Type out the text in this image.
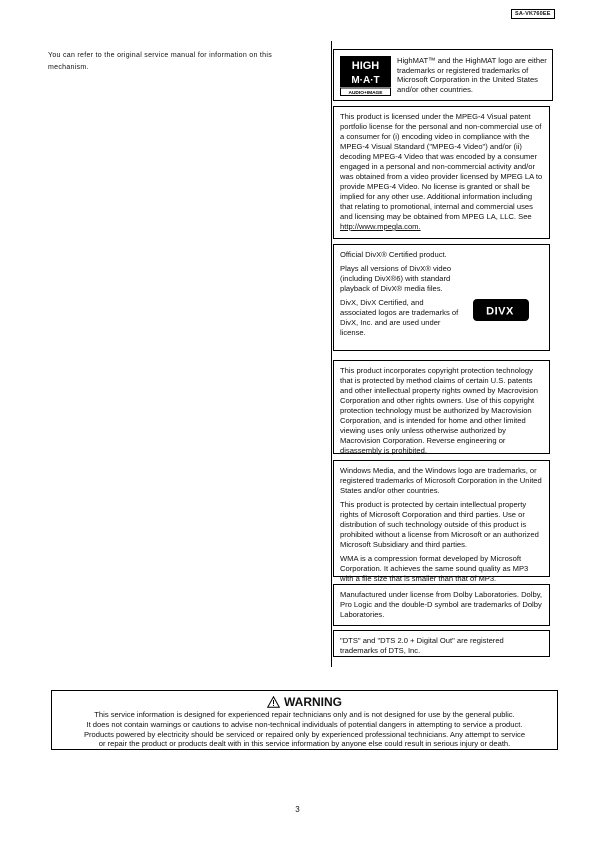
SA-VK760EE
You can refer to the original service manual for information on this mechanism.	HIGH
M·A·T
AUDIO+IMAGE
HighMAT™ and the HighMAT logo are either trademarks or registered trademarks of Microsoft Corporation in the United States and/or other countries.

This product is licensed under the MPEG-4 Visual patent portfolio license for the personal and non-commercial use of a consumer for (i) encoding video in compliance with the MPEG-4 Visual Standard ("MPEG-4 Video") and/or (ii) decoding MPEG-4 Video that was encoded by a consumer engaged in a personal and non-commercial activity and/or was obtained from a video provider licensed by MPEG LA to provide MPEG-4 Video. No license is granted or shall be implied for any other use. Additional information including that relating to promotional, internal and commercial uses and licensing may be obtained from MPEG LA, LLC. See http://www.mpegla.com.

Official DivX® Certified product.

Plays all versions of DivX® video (including DivX®6) with standard playback of DivX® media files.

DivX, DivX Certified, and associated logos are trademarks of DivX, Inc. and are used under license.

DIVX

This product incorporates copyright protection technology that is protected by method claims of certain U.S. patents and other intellectual property rights owned by Macrovision Corporation and other rights owners. Use of this copyright protection technology must be authorized by Macrovision Corporation, and is intended for home and other limited viewing uses only unless otherwise authorized by Macrovision Corporation. Reverse engineering or disassembly is prohibited.

Windows Media, and the Windows logo are trademarks, or registered trademarks of Microsoft Corporation in the United States and/or other countries.

This product is protected by certain intellectual property rights of Microsoft Corporation and third parties. Use or distribution of such technology outside of this product is prohibited without a license from Microsoft or an authorized Microsoft Subsidiary and third parties.

WMA is a compression format developed by Microsoft Corporation. It achieves the same sound quality as MP3 with a file size that is smaller than that of MP3.

Manufactured under license from Dolby Laboratories. Dolby, Pro Logic and the double-D symbol are trademarks of Dolby Laboratories.

"DTS" and "DTS 2.0 + Digital Out" are registered trademarks of DTS, Inc.

WARNING
This service information is designed for experienced repair technicians only and is not designed for use by the general public.
It does not contain warnings or cautions to advise non-technical individuals of potential dangers in attempting to service a product.
Products powered by electricity should be serviced or repaired only by experienced professional technicians. Any attempt to service
or repair the product or products dealt with in this service information by anyone else could result in serious injury or death.
3
